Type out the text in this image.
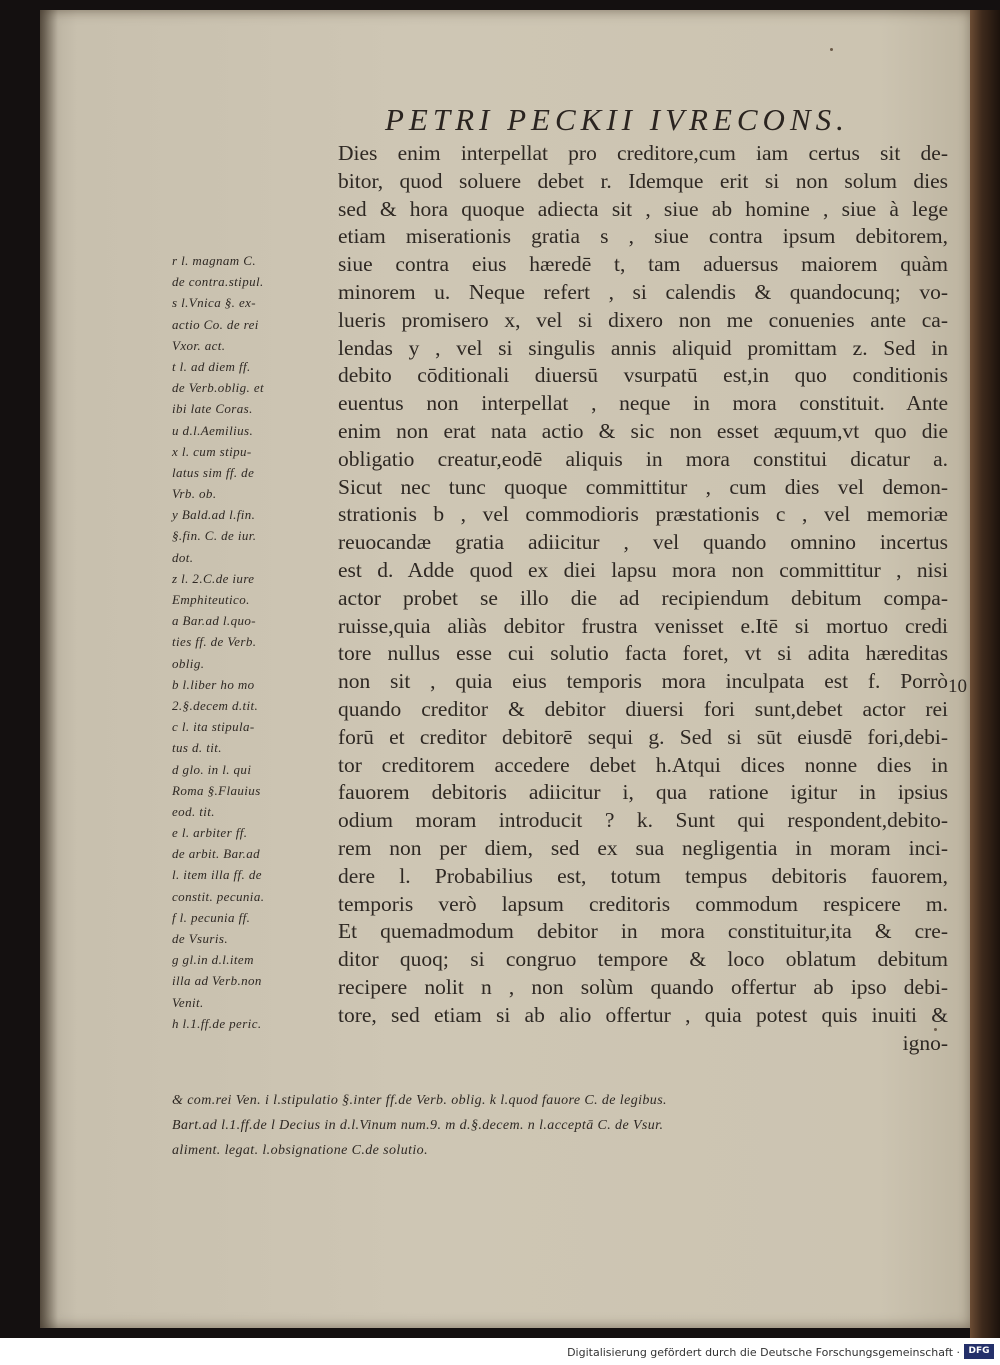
PETRI PECKII IVRECONS.
Dies enim interpellat pro creditore,cum iam certus sit de-
bitor, quod soluere debet r. Idemque erit si non solum dies
sed & hora quoque adiecta sit , siue ab homine , siue à lege
etiam miserationis gratia s , siue contra ipsum debitorem,
siue contra eius hæredē t, tam aduersus maiorem quàm
minorem u. Neque refert , si calendis & quandocunq; vo-
lueris promisero x, vel si dixero non me conuenies ante ca-
lendas y , vel si singulis annis aliquid promittam z. Sed in
debito cōditionali diuersū vsurpatū est,in quo conditionis
euentus non interpellat , neque in mora constituit. Ante
enim non erat nata actio & sic non esset æquum,vt quo die
obligatio creatur,eodē aliquis in mora constitui dicatur a.
Sicut nec tunc quoque committitur , cum dies vel demon-
strationis b , vel commodioris præstationis c , vel memoriæ
reuocandæ gratia adiicitur , vel quando omnino incertus
est d. Adde quod ex diei lapsu mora non committitur , nisi
actor probet se illo die ad recipiendum debitum compa-
ruisse,quia aliàs debitor frustra venisset e.Itē si mortuo credi
tore nullus esse cui solutio facta foret, vt si adita hæreditas
non sit , quia eius temporis mora inculpata est f. Porrò
quando creditor & debitor diuersi fori sunt,debet actor rei
forū et creditor debitorē sequi g. Sed si sūt eiusdē fori,debi-
tor creditorem accedere debet h.Atqui dices nonne dies in
fauorem debitoris adiicitur i, qua ratione igitur in ipsius
odium moram introducit ? k. Sunt qui respondent,debito-
rem non per diem, sed ex sua negligentia in moram inci-
dere l. Probabilius est, totum tempus debitoris fauorem,
temporis verò lapsum creditoris commodum respicere m.
Et quemadmodum debitor in mora constituitur,ita & cre-
ditor quoq; si congruo tempore & loco oblatum debitum
recipere nolit n , non solùm quando offertur ab ipso debi-
tore, sed etiam si ab alio offertur , quia potest quis inuiti &
igno-
10
r l. magnam C.
de contra.stipul.
s l.Vnica §. ex-
actio Co. de rei
Vxor. act.
t l. ad diem ff.
de Verb.oblig. et
ibi late Coras.
u d.l.Aemilius.
x l. cum stipu-
latus sim ff. de
Vrb. ob.
y Bald.ad l.fin.
§.fin. C. de iur.
dot.
z l. 2.C.de iure
Emphiteutico.
a Bar.ad l.quo-
ties ff. de Verb.
oblig.
b l.liber ho mo
2.§.decem d.tit.
c l. ita stipula-
tus d. tit.
d glo. in l. qui
Roma §.Flauius
eod. tit.
e l. arbiter ff.
de arbit. Bar.ad
l. item illa ff. de
constit. pecunia.
f l. pecunia ff.
de Vsuris.
g gl.in d.l.item
illa ad Verb.non
Venit.
h l.1.ff.de peric.
& com.rei Ven. i l.stipulatio §.inter ff.de Verb. oblig. k l.quod fauore C. de legibus.
Bart.ad l.1.ff.de l Decius in d.l.Vinum num.9. m d.§.decem. n l.acceptā C. de Vsur.
aliment. legat. l.obsignatione C.de solutio.
Digitalisierung gefördert durch die Deutsche Forschungsgemeinschaft · DFG
